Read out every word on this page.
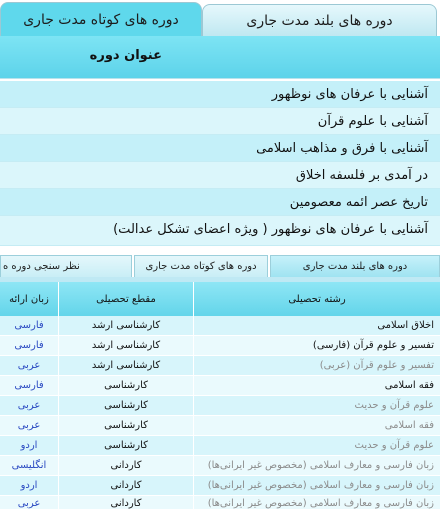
دوره های بلند مدت جاری
دوره های کوتاه مدت جاری
عنوان دوره
آشنایی با عرفان های نوظهور
آشنایی با علوم قرآن
آشنایی با فرق و مذاهب اسلامی
در آمدی بر فلسفه اخلاق
تاریخ عصر ائمه معصومین
آشنایی با عرفان های نوظهور ( ویژه اعضای تشکل عدالت)
دوره های بلند مدت جاری
دوره های کوتاه مدت جاری
نظر سنجی دوره ه
رشته تحصیلی
مقطع تحصیلی
زبان ارائه
اخلاق اسلامی
کارشناسی ارشد
فارسی
تفسیر و علوم قرآن (فارسی)
کارشناسی ارشد
فارسی
تفسیر و علوم قرآن (عربی)
کارشناسی ارشد
عربی
فقه اسلامی
کارشناسی
فارسی
علوم قرآن و حدیث
کارشناسی
عربی
فقه اسلامی
کارشناسی
عربی
علوم قرآن و حدیث
کارشناسی
اردو
زبان فارسی و معارف اسلامی (مخصوص غیر ایرانی‌ها)
کاردانی
انگلیسی
زبان فارسی و معارف اسلامی (مخصوص غیر ایرانی‌ها)
کاردانی
اردو
زبان فارسی و معارف اسلامی (مخصوص غیر ایرانی‌ها)
کاردانی
عربی
